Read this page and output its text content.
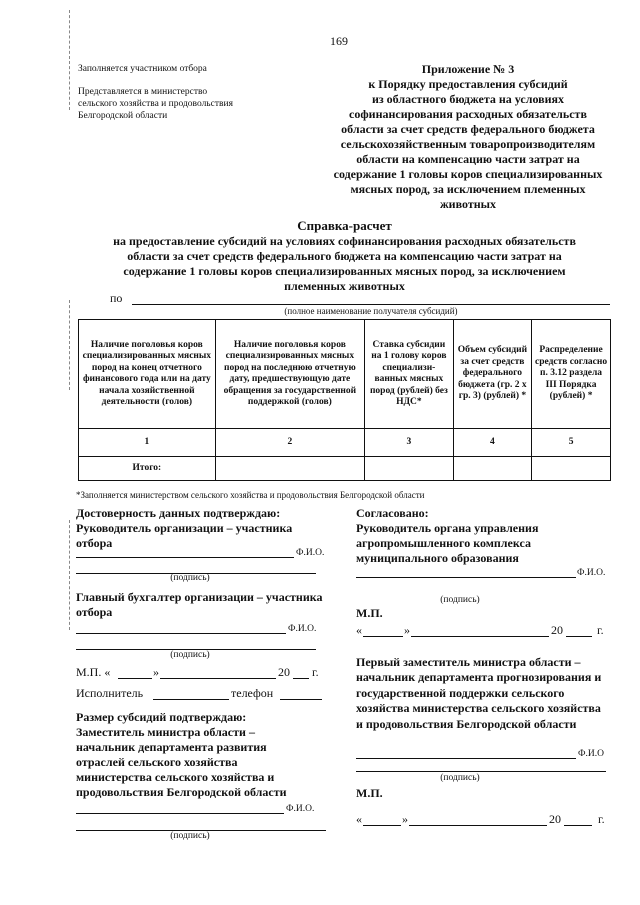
169
Заполняется участником отбора
Представляется в министерство
сельского хозяйства и продовольствия
Белгородской области
Приложение № 3
к Порядку предоставления субсидий
из областного бюджета на условиях
софинансирования расходных обязательств
области за счет средств федерального бюджета
сельскохозяйственным товаропроизводителям
области на компенсацию части затрат на
содержание 1 головы коров специализированных
мясных пород, за исключением племенных
животных
Справка-расчет
на предоставление субсидий на условиях софинансирования расходных обязательств
области за счет средств федерального бюджета на компенсацию части затрат на
содержание 1 головы коров специализированных мясных пород, за исключением
племенных животных
по
(полное наименование получателя субсидий)
Наличие поголовья коров специализированных мясных пород на конец отчетного финансового года или на дату начала хозяйственной деятельности (голов)	Наличие поголовья коров специализированных мясных пород на последнюю отчетную дату, предшествующую дате обращения за государственной поддержкой (голов)	Ставка субсидии на 1 голову коров специализи-ванных мясных пород (рублей) без НДС*	Объем субсидий за счет средств федерального бюджета (гр. 2 х гр. 3) (рублей) *	Распределение средств согласно п. 3.12 раздела III Порядка (рублей) *
1	2	3	4	5
Итого:				
*Заполняется министерством сельского хозяйства и продовольствия Белгородской области
Достоверность данных подтверждаю:
Руководитель организации – участника отбора
Ф.И.О.
(подпись)
Главный бухгалтер организации – участника отбора
Ф.И.О.
(подпись)
М.П. «	»	20 г.
Исполнитель	телефон
Размер субсидий подтверждаю:
Заместитель министра области – начальник департамента развития отраслей сельского хозяйства министерства сельского хозяйства и продовольствия Белгородской области
Ф.И.О.
(подпись)
Согласовано:
Руководитель органа управления агропромышленного комплекса муниципального образования
Ф.И.О.
(подпись)
М.П.
«	»	20	г.
Первый заместитель министра области – начальник департамента прогнозирования и государственной поддержки сельского хозяйства министерства сельского хозяйства и продовольствия Белгородской области
Ф.И.О
(подпись)
М.П.
«	»	20	г.
